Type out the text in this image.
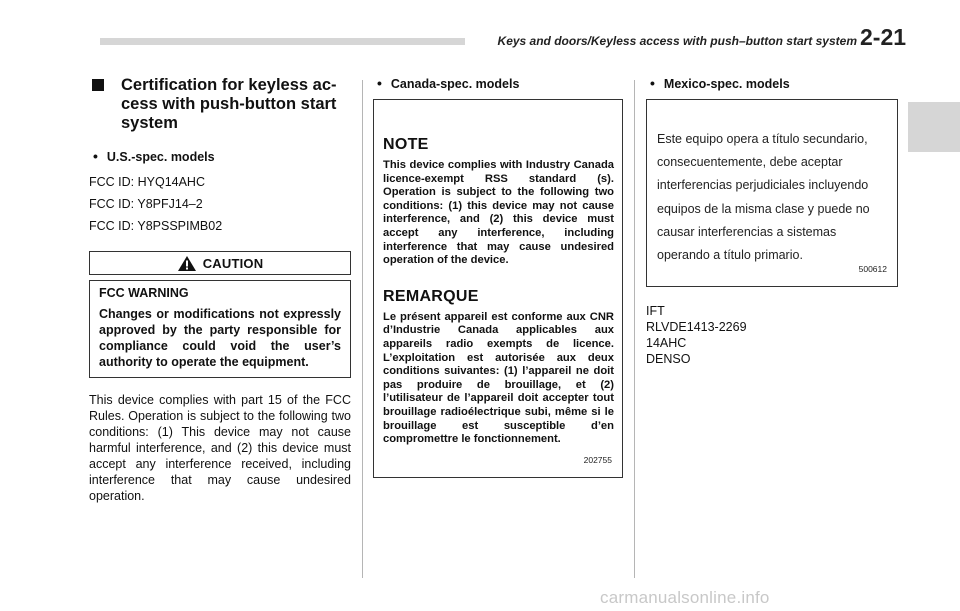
Keys and doors/Keyless access with push–button start system 2-21
Certification for keyless ac-
cess with push-button start
system
• U.S.-spec. models
FCC ID: HYQ14AHC
FCC ID: Y8PFJ14–2
FCC ID: Y8PSSPIMB02
CAUTION
FCC WARNING
Changes or modifications not expressly approved by the party responsible for compliance could void the user’s authority to operate the equipment.
This device complies with part 15 of the FCC Rules. Operation is subject to the following two conditions: (1) This device may not cause harmful interference, and (2) this device must accept any interference received, including interference that may cause undesired operation.
• Canada-spec. models
NOTE
This device complies with Industry Canada licence-exempt RSS standard (s). Operation is subject to the following two conditions: (1) this device may not cause interference, and (2) this device must accept any interference, including interference that may cause undesired operation of the device.
REMARQUE
Le présent appareil est conforme aux CNR d’Industrie Canada applicables aux appareils radio exempts de licence. L’exploitation est autorisée aux deux conditions suivantes: (1) l’appareil ne doit pas produire de brouillage, et (2) l’utilisateur de l’appareil doit accepter tout brouillage radioélectrique subi, même si le brouillage est susceptible d’en compromettre le fonctionnement.
202755
• Mexico-spec. models
Este equipo opera a título secundario,
consecuentemente, debe aceptar
interferencias perjudiciales incluyendo
equipos de la misma clase y puede no
causar interferencias a sistemas
operando a título primario.
500612
IFT
RLVDE1413-2269
14AHC
DENSO
carmanualsonline.info
